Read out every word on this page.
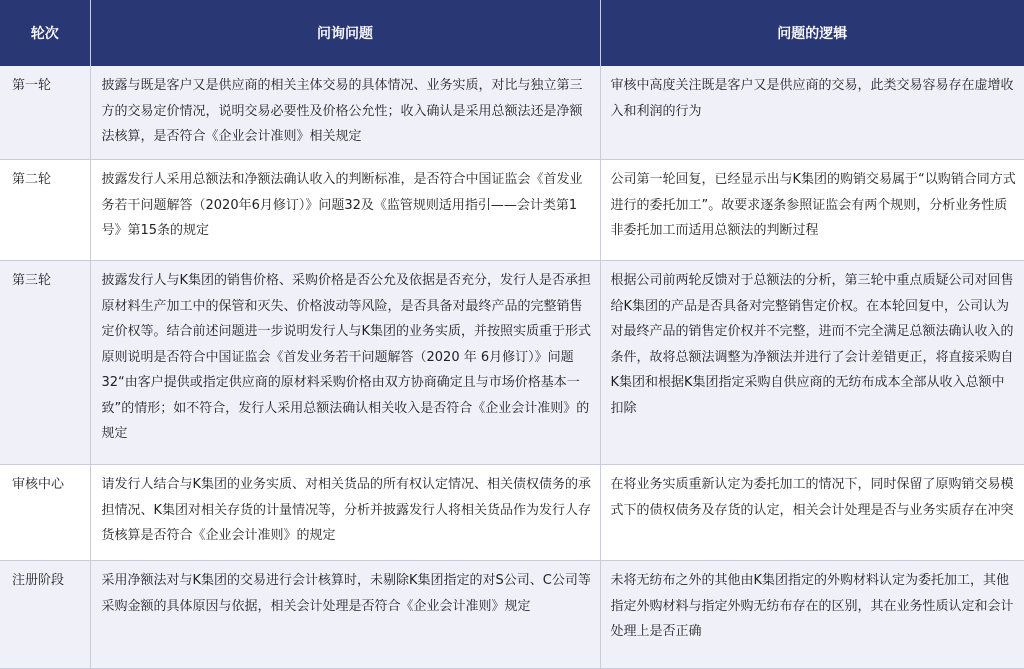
轮次	问询问题	问题的逻辑
第一轮	披露与既是客户又是供应商的相关主体交易的具体情况、业务实质，对比与独立第三方的交易定价情况，说明交易必要性及价格公允性；收入确认是采用总额法还是净额法核算，是否符合《企业会计准则》相关规定	审核中高度关注既是客户又是供应商的交易，此类交易容易存在虚增收入和利润的行为
第二轮	披露发行人采用总额法和净额法确认收入的判断标准，是否符合中国证监会《首发业务若干问题解答（2020年6月修订）》问题32及《监管规则适用指引——会计类第1号》第15条的规定	公司第一轮回复，已经显示出与K集团的购销交易属于“以购销合同方式进行的委托加工”。故要求逐条参照证监会有两个规则，分析业务性质非委托加工而适用总额法的判断过程
第三轮	披露发行人与K集团的销售价格、采购价格是否公允及依据是否充分，发行人是否承担原材料生产加工中的保管和灭失、价格波动等风险，是否具备对最终产品的完整销售定价权等。结合前述问题进一步说明发行人与K集团的业务实质，并按照实质重于形式原则说明是否符合中国证监会《首发业务若干问题解答（2020 年 6月修订）》问题 32“由客户提供或指定供应商的原材料采购价格由双方协商确定且与市场价格基本一致”的情形；如不符合，发行人采用总额法确认相关收入是否符合《企业会计准则》的规定	根据公司前两轮反馈对于总额法的分析，第三轮中重点质疑公司对回售给K集团的产品是否具备对完整销售定价权。在本轮回复中，公司认为对最终产品的销售定价权并不完整，进而不完全满足总额法确认收入的条件，故将总额法调整为净额法并进行了会计差错更正，将直接采购自K集团和根据K集团指定采购自供应商的无纺布成本全部从收入总额中扣除
审核中心	请发行人结合与K集团的业务实质、对相关货品的所有权认定情况、相关债权债务的承担情况、K集团对相关存货的计量情况等，分析并披露发行人将相关货品作为发行人存货核算是否符合《企业会计准则》的规定	在将业务实质重新认定为委托加工的情况下，同时保留了原购销交易模式下的债权债务及存货的认定，相关会计处理是否与业务实质存在冲突
注册阶段	采用净额法对与K集团的交易进行会计核算时，未剔除K集团指定的对S公司、C公司等采购金额的具体原因与依据，相关会计处理是否符合《企业会计准则》规定	未将无纺布之外的其他由K集团指定的外购材料认定为委托加工，其他指定外购材料与指定外购无纺布存在的区别，其在业务性质认定和会计处理上是否正确
